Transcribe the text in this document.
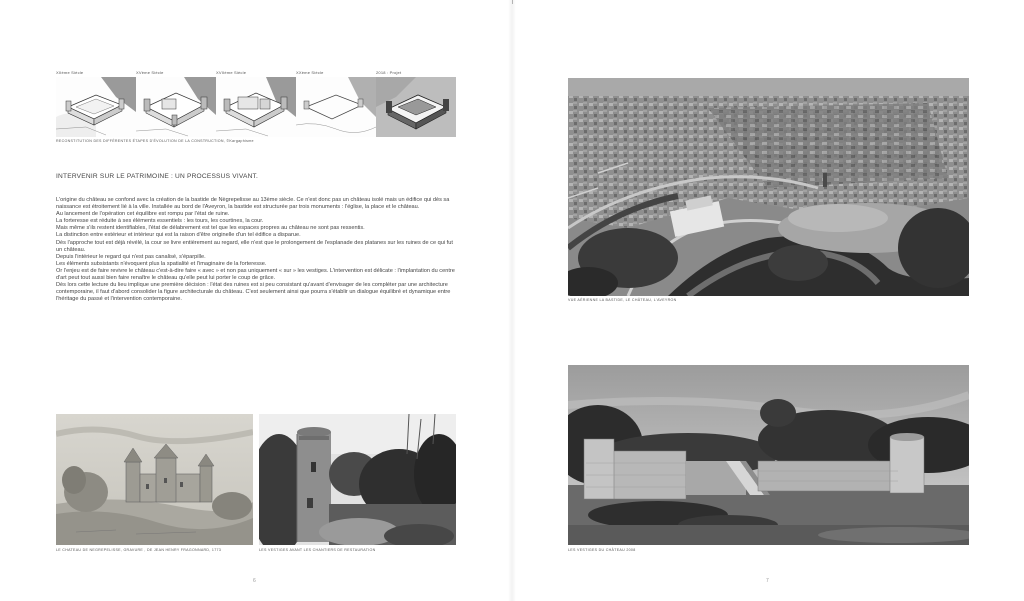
XIIème Siècle	XVème Siècle	XVIIème Siècle	XXème Siècle	2018 : Projet
RECONSTITUTION DES DIFFÉRENTES ÉTAPES D'ÉVOLUTION DE LA CONSTRUCTION, ©Kargaphisme
INTERVENIR SUR LE PATRIMOINE : UN PROCESSUS VIVANT.

L'origine du château se confond avec la création de la bastide de Nègrepelisse au 13ème siècle. Ce n'est donc pas un château isolé mais un édifice qui dès sa naissance est étroitement lié à la ville. Installée au bord de l'Aveyron, la bastide est structurée par trois monuments : l'église, la place et le château.

Au lancement de l'opération cet équilibre est rompu par l'état de ruine.

La forteresse est réduite à ses éléments essentiels : les tours, les courtines, la cour.

Mais même s'ils restent identifiables, l'état de délabrement est tel que les espaces propres au château ne sont pas ressentis.

La distinction entre extérieur et intérieur qui est la raison d'être originelle d'un tel édifice a disparue.

Dès l'approche tout est déjà révélé, la cour se livre entièrement au regard, elle n'est que le prolongement de l'esplanade des platanes sur les ruines de ce qui fut un château.

Depuis l'intérieur le regard qui n'est pas canalisé, s'éparpille.

Les éléments subsistants n'évoquent plus la spatialité et l'imaginaire de la forteresse.

Or l'enjeu est de faire revivre le château c'est-à-dire faire « avec » et non pas uniquement « sur » les vestiges. L'intervention est délicate : l'implantation du centre d'art peut tout aussi bien faire renaître le château qu'elle peut lui porter le coup de grâce.

Dès lors cette lecture du lieu implique une première décision : l'état des ruines est si peu consistant qu'avant d'envisager de les compléter par une architecture contemporaine, il faut d'abord consolider la figure architecturale du château. C'est seulement ainsi que pourra s'établir un dialogue équilibré et dynamique entre l'héritage du passé et l'intervention contemporaine.

LE CHATEAU DE NEGREPELISSE, GRAVURE , DE JEAN HENRY FRAGONNARD, 1773	LES VESTIGES AVANT LES CHANTIERS DE RESTAURATION
6
VUE AÉRIENNE LA BASTIDE, LE CHÂTEAU, L'AVEYRON
LES VESTIGES DU CHÂTEAU 2008
7
